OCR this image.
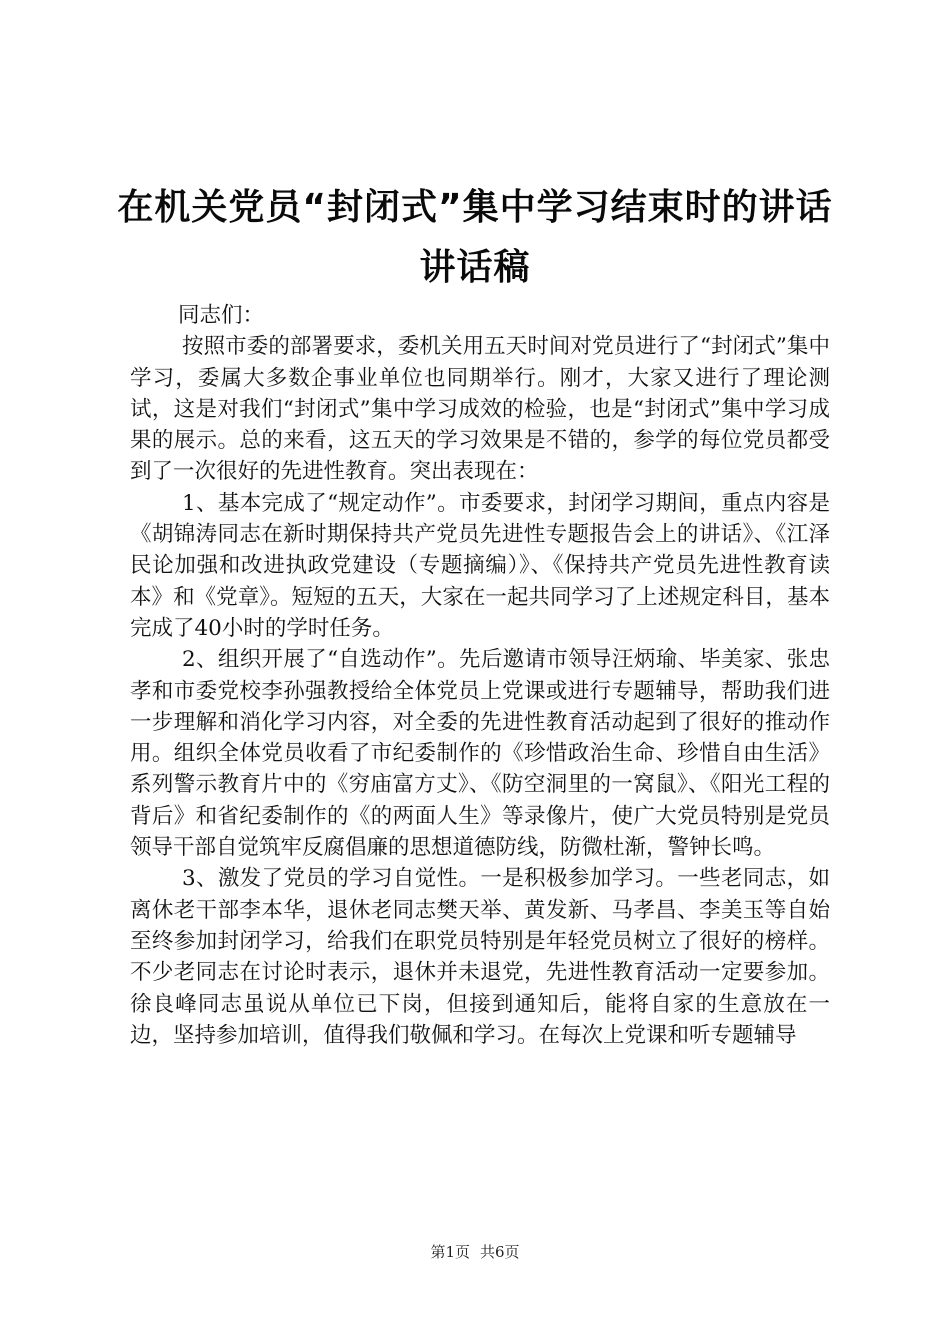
在机关党员“封闭式”集中学习结束时的讲话
讲话稿

同志们：

按照市委的部署要求，委机关用五天时间对党员进行了“封闭式”集中学习，委属大多数企事业单位也同期举行。刚才，大家又进行了理论测试，这是对我们“封闭式”集中学习成效的检验，也是“封闭式”集中学习成果的展示。总的来看，这五天的学习效果是不错的，参学的每位党员都受到了一次很好的先进性教育。突出表现在：

1、基本完成了“规定动作”。市委要求，封闭学习期间，重点内容是《胡锦涛同志在新时期保持共产党员先进性专题报告会上的讲话》、《江泽民论加强和改进执政党建设（专题摘编）》、《保持共产党员先进性教育读本》和《党章》。短短的五天，大家在一起共同学习了上述规定科目，基本完成了40小时的学时任务。

2、组织开展了“自选动作”。先后邀请市领导汪炳瑜、毕美家、张忠孝和市委党校李孙强教授给全体党员上党课或进行专题辅导，帮助我们进一步理解和消化学习内容，对全委的先进性教育活动起到了很好的推动作用。组织全体党员收看了市纪委制作的《珍惜政治生命、珍惜自由生活》系列警示教育片中的《穷庙富方丈》、《防空洞里的一窝鼠》、《阳光工程的背后》和省纪委制作的《的两面人生》等录像片，使广大党员特别是党员领导干部自觉筑牢反腐倡廉的思想道德防线，防微杜渐，警钟长鸣。

3、激发了党员的学习自觉性。一是积极参加学习。一些老同志，如离休老干部李本华，退休老同志樊天举、黄发新、马孝昌、李美玉等自始至终参加封闭学习，给我们在职党员特别是年轻党员树立了很好的榜样。不少老同志在讨论时表示，退休并未退党，先进性教育活动一定要参加。徐良峰同志虽说从单位已下岗，但接到通知后，能将自家的生意放在一边，坚持参加培训，值得我们敬佩和学习。在每次上党课和听专题辅导

第1页 共6页
